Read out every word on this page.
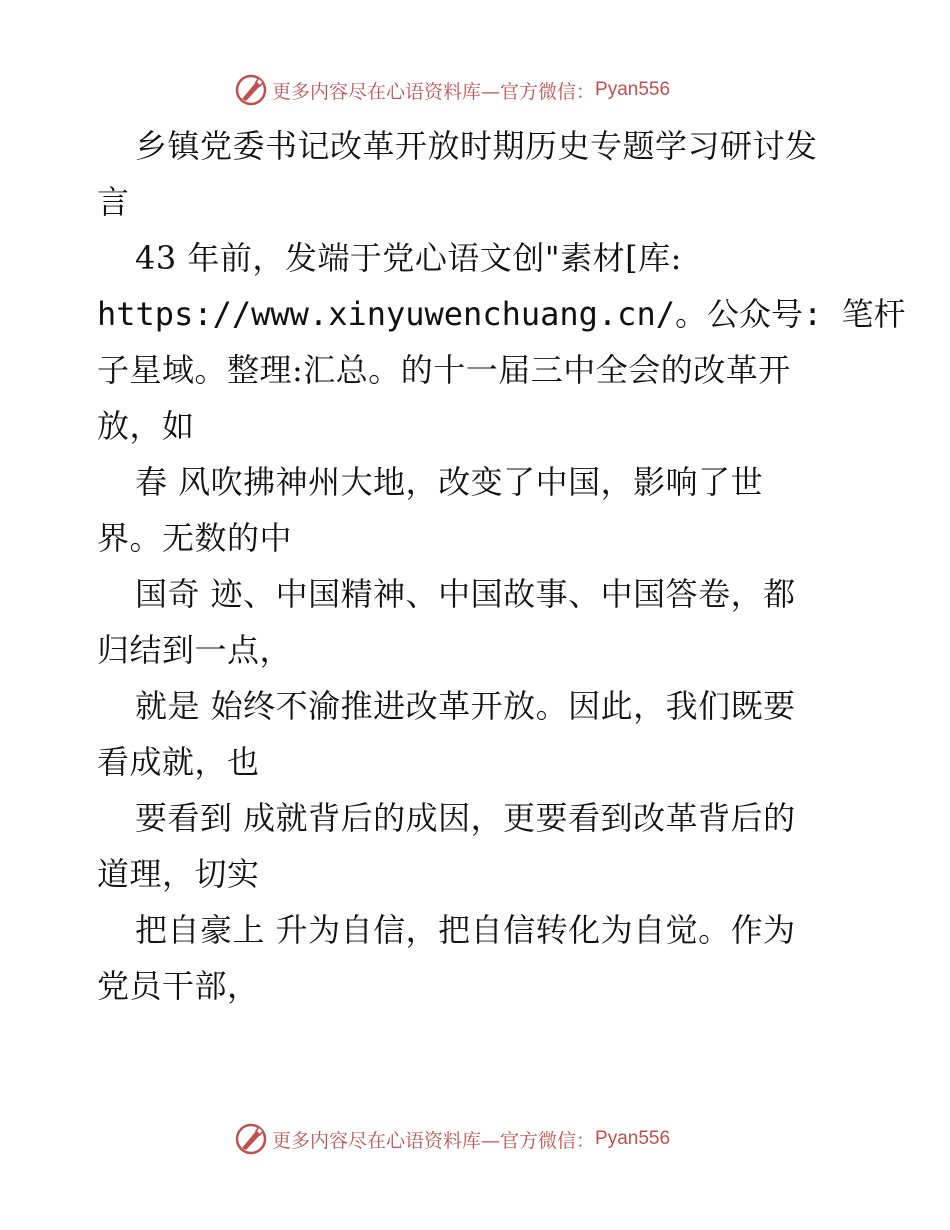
更多内容尽在心语资料库—官方微信： Pyan556
乡镇党委书记改革开放时期历史专题学习研讨发
言
43 年前，发端于党心语文创"素材[库:
https://www.xinyuwenchuang.cn/。公众号: 笔杆
子星域。整理:汇总。的十一届三中全会的改革开
放，如
春 风吹拂神州大地，改变了中国，影响了世
界。无数的中
国奇 迹、中国精神、中国故事、中国答卷，都
归结到一点，
就是 始终不渝推进改革开放。因此，我们既要
看成就，也
要看到 成就背后的成因，更要看到改革背后的
道理，切实
把自豪上 升为自信，把自信转化为自觉。作为
党员干部，
更多内容尽在心语资料库—官方微信： Pyan556
